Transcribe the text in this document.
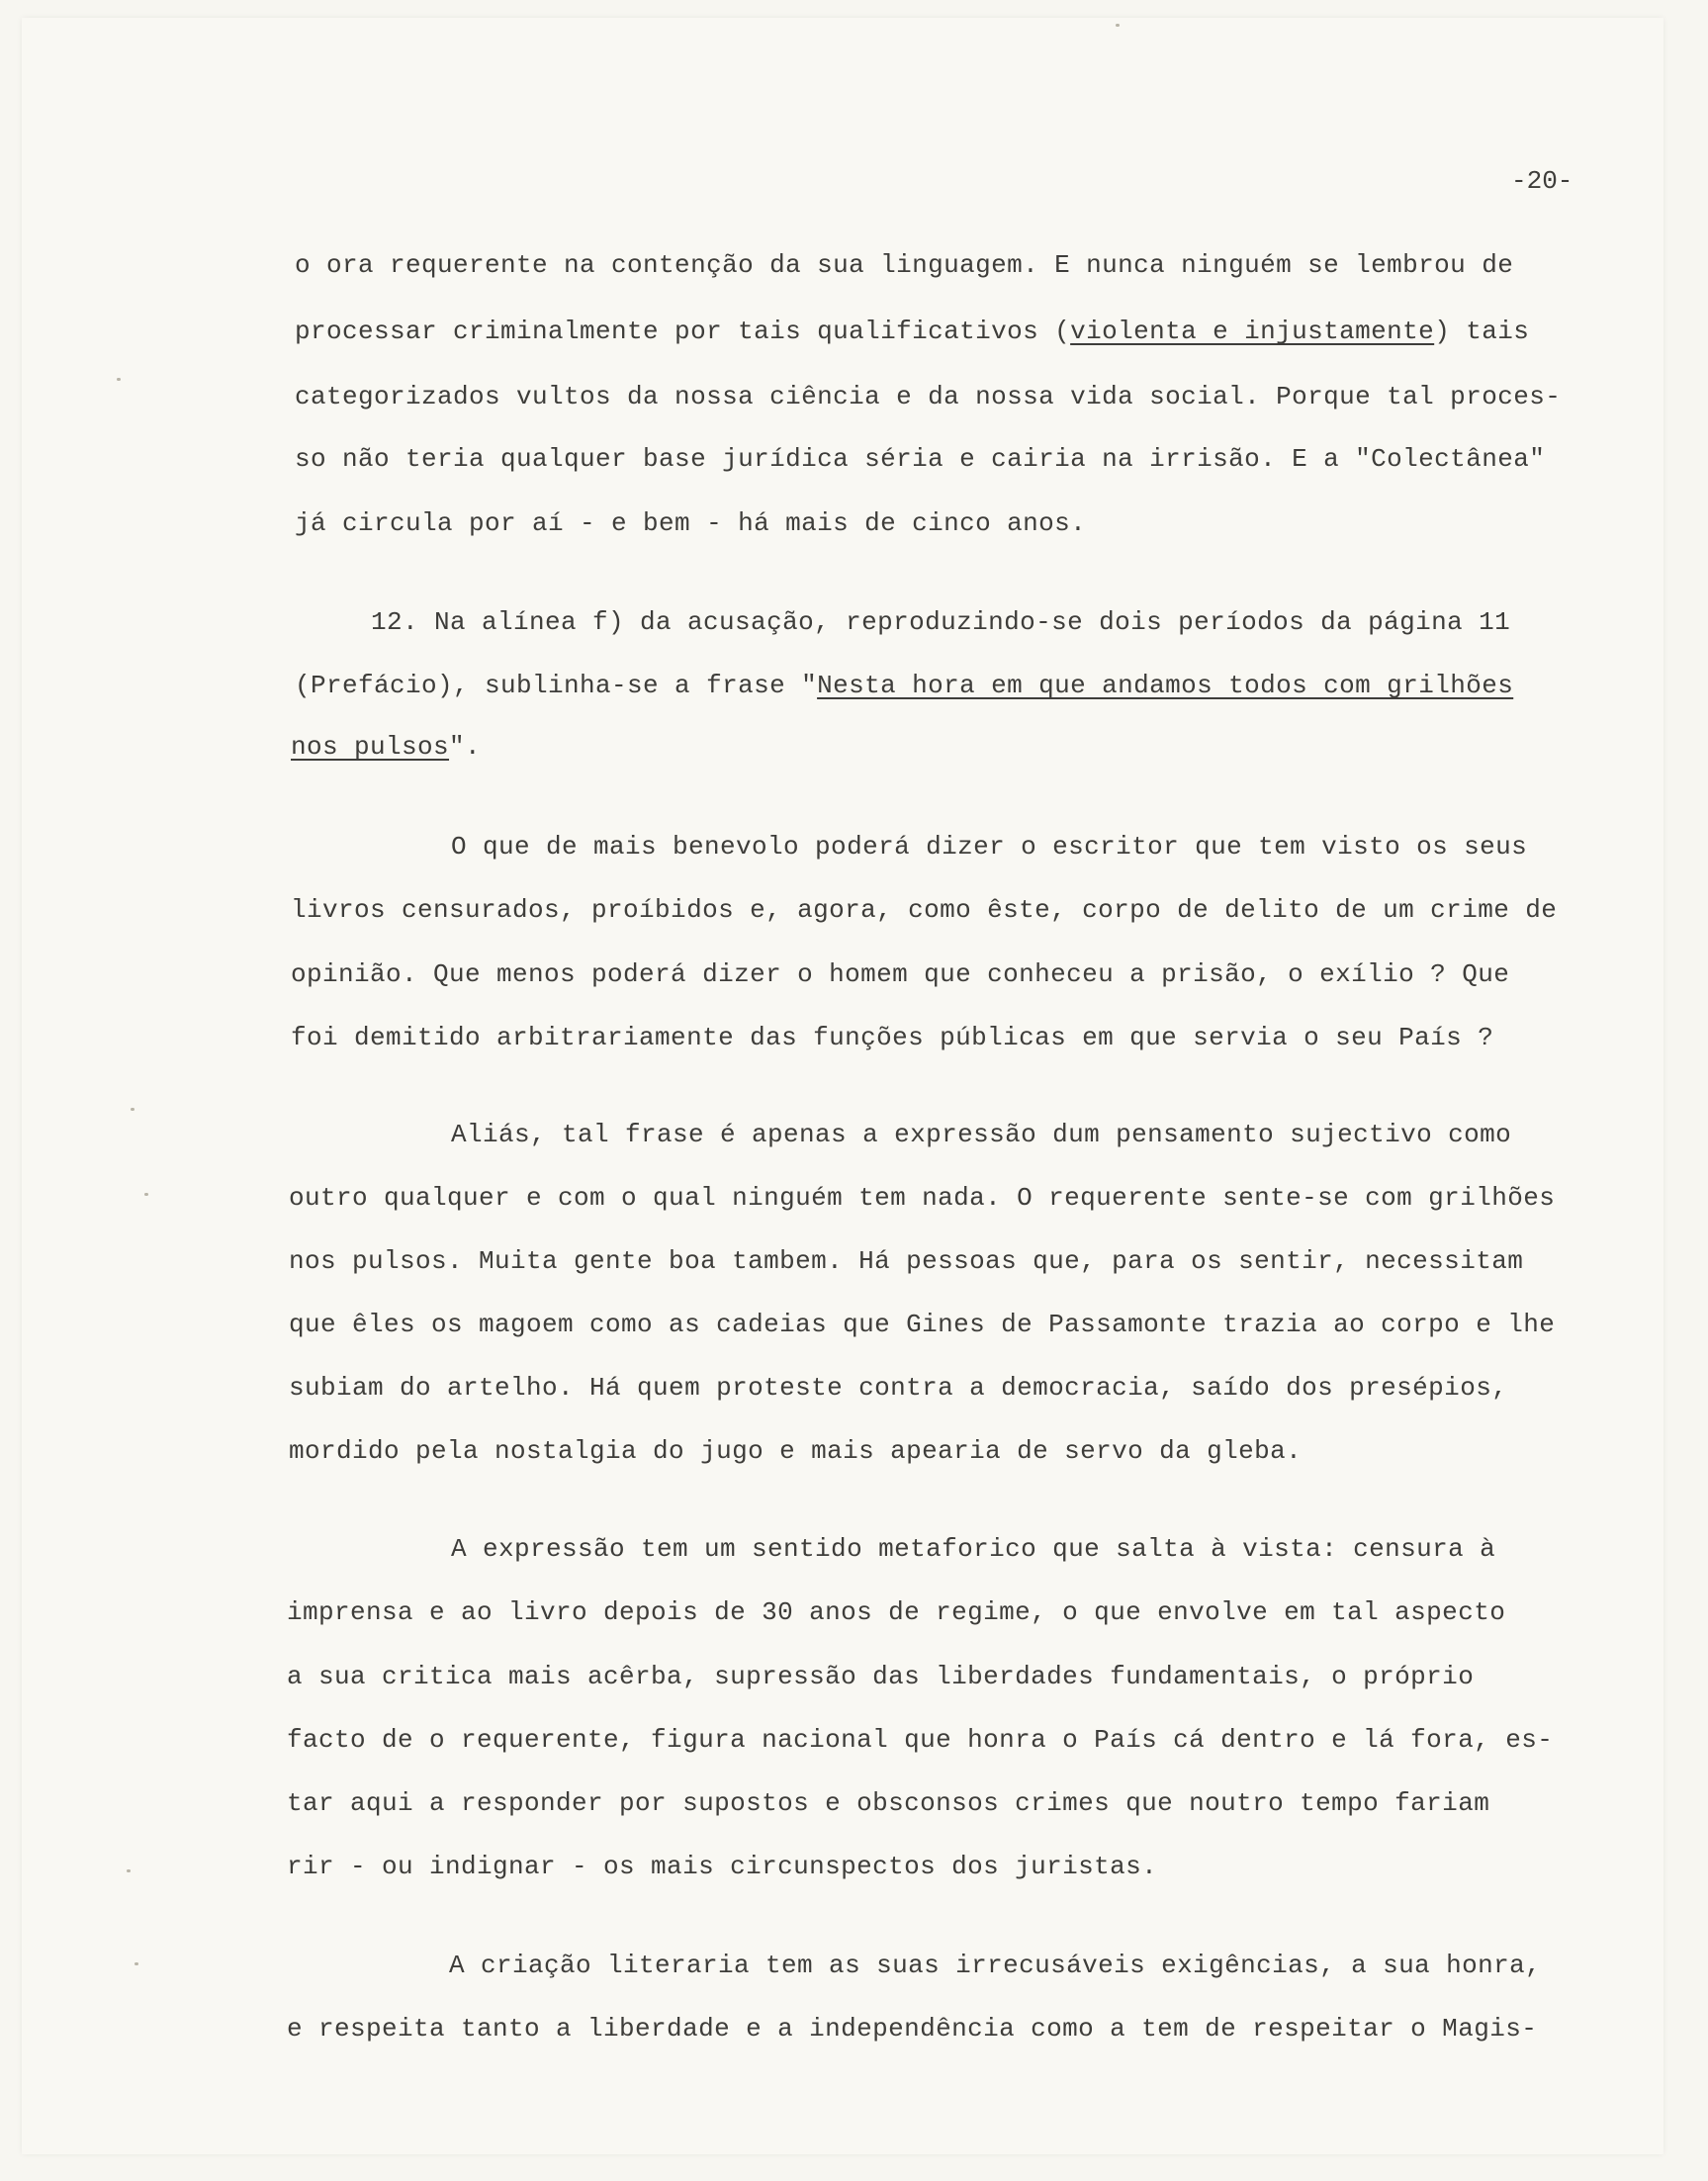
-20-
o ora requerente na contenção da sua linguagem. E nunca ninguém se lembrou de
processar criminalmente por tais qualificativos (violenta e injustamente) tais
categorizados vultos da nossa ciência e da nossa vida social. Porque tal proces-
so não teria qualquer base jurídica séria e cairia na irrisão. E a "Colectânea"
já circula por aí - e bem - há mais de cinco anos.
12. Na alínea f) da acusação, reproduzindo-se dois períodos da página 11
(Prefácio), sublinha-se a frase "Nesta hora em que andamos todos com grilhões
nos pulsos".
O que de mais benevolo poderá dizer o escritor que tem visto os seus
livros censurados, proíbidos e, agora, como êste, corpo de delito de um crime de
opinião. Que menos poderá dizer o homem que conheceu a prisão, o exílio ? Que
foi demitido arbitrariamente das funções públicas em que servia o seu País ?
Aliás, tal frase é apenas a expressão dum pensamento sujectivo como
outro qualquer e com o qual ninguém tem nada. O requerente sente-se com grilhões
nos pulsos. Muita gente boa tambem. Há pessoas que, para os sentir, necessitam
que êles os magoem como as cadeias que Gines de Passamonte trazia ao corpo e lhe
subiam do artelho. Há quem proteste contra a democracia, saído dos presépios,
mordido pela nostalgia do jugo e mais apearia de servo da gleba.
A expressão tem um sentido metaforico que salta à vista: censura à
imprensa e ao livro depois de 30 anos de regime, o que envolve em tal aspecto
a sua critica mais acêrba, supressão das liberdades fundamentais, o próprio
facto de o requerente, figura nacional que honra o País cá dentro e lá fora, es-
tar aqui a responder por supostos e obsconsos crimes que noutro tempo fariam
rir - ou indignar - os mais circunspectos dos juristas.
A criação literaria tem as suas irrecusáveis exigências, a sua honra,
e respeita tanto a liberdade e a independência como a tem de respeitar o Magis-
